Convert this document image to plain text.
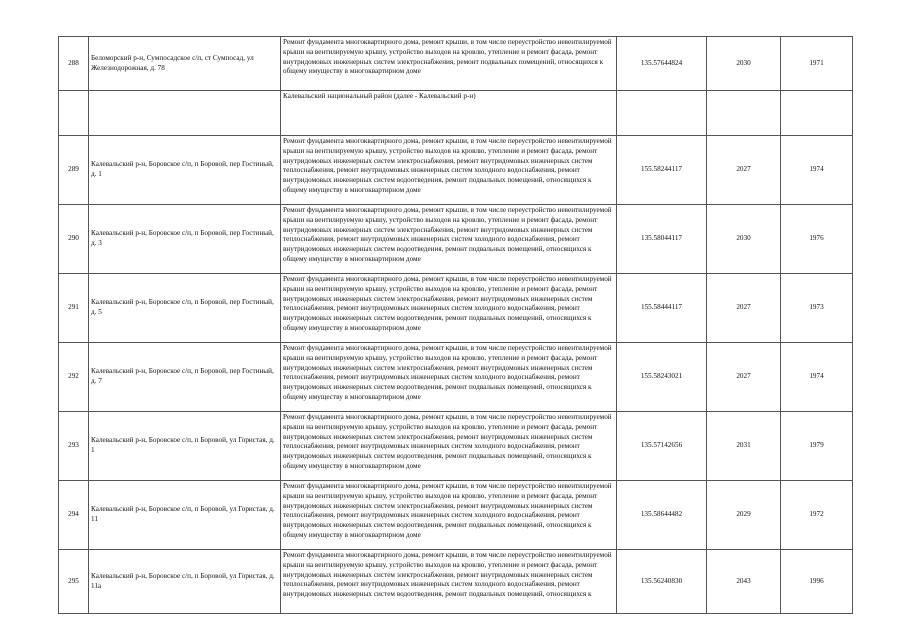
288	Беломорский р-н, Сумпосадское с/п, ст Сумпосад, ул Железнодорожная, д. 78	Ремонт фундамента многоквартирного дома, ремонт крыши, в том числе переустройство невентилируемой крыши на вентилируемую крышу, устройство выходов на кровлю, утепление и ремонт фасада, ремонт внутридомовых инженерных систем электроснабжения, ремонт подвальных помещений, относящихся к общему имуществу в многоквартирном доме	135.57644824	2030	1971

		Калевальский национальный район (далее - Калевальский р-н)			

289	Калевальский р-н, Боровское с/п, п Боровой, пер Гостиный, д. 1	Ремонт фундамента многоквартирного дома, ремонт крыши, в том числе переустройство невентилируемой крыши на вентилируемую крышу, устройство выходов на кровлю, утепление и ремонт фасада, ремонт внутридомовых инженерных систем электроснабжения, ремонт внутридомовых инженерных систем теплоснабжения, ремонт внутридомовых инженерных систем холодного водоснабжения, ремонт внутридомовых инженерных систем водоотведения, ремонт подвальных помещений, относящихся к общему имуществу в многоквартирном доме	155.58244117	2027	1974
290	Калевальский р-н, Боровское с/п, п Боровой, пер Гостиный, д. 3	Ремонт фундамента многоквартирного дома, ремонт крыши, в том числе переустройство невентилируемой крыши на вентилируемую крышу, устройство выходов на кровлю, утепление и ремонт фасада, ремонт внутридомовых инженерных систем электроснабжения, ремонт внутридомовых инженерных систем теплоснабжения, ремонт внутридомовых инженерных систем холодного водоснабжения, ремонт внутридомовых инженерных систем водоотведения, ремонт подвальных помещений, относящихся к общему имуществу в многоквартирном доме	135.58044117	2030	1976
291	Калевальский р-н, Боровское с/п, п Боровой, пер Гостиный, д. 5	Ремонт фундамента многоквартирного дома, ремонт крыши, в том числе переустройство невентилируемой крыши на вентилируемую крышу, устройство выходов на кровлю, утепление и ремонт фасада, ремонт внутридомовых инженерных систем электроснабжения, ремонт внутридомовых инженерных систем теплоснабжения, ремонт внутридомовых инженерных систем холодного водоснабжения, ремонт внутридомовых инженерных систем водоотведения, ремонт подвальных помещений, относящихся к общему имуществу в многоквартирном доме	155.58444117	2027	1973
292	Калевальский р-н, Боровское с/п, п Боровой, пер Гостиный, д. 7	Ремонт фундамента многоквартирного дома, ремонт крыши, в том числе переустройство невентилируемой крыши на вентилируемую крышу, устройство выходов на кровлю, утепление и ремонт фасада, ремонт внутридомовых инженерных систем электроснабжения, ремонт внутридомовых инженерных систем теплоснабжения, ремонт внутридомовых инженерных систем холодного водоснабжения, ремонт внутридомовых инженерных систем водоотведения, ремонт подвальных помещений, относящихся к общему имуществу в многоквартирном доме	155.58243021	2027	1974
293	Калевальский р-н, Боровское с/п, п Боровой, ул Гористая, д. 1	Ремонт фундамента многоквартирного дома, ремонт крыши, в том числе переустройство невентилируемой крыши на вентилируемую крышу, устройство выходов на кровлю, утепление и ремонт фасада, ремонт внутридомовых инженерных систем электроснабжения, ремонт внутридомовых инженерных систем теплоснабжения, ремонт внутридомовых инженерных систем холодного водоснабжения, ремонт внутридомовых инженерных систем водоотведения, ремонт подвальных помещений, относящихся к общему имуществу в многоквартирном доме	135.57142656	2031	1979
294	Калевальский р-н, Боровское с/п, п Боровой, ул Гористая, д. 11	Ремонт фундамента многоквартирного дома, ремонт крыши, в том числе переустройство невентилируемой крыши на вентилируемую крышу, устройство выходов на кровлю, утепление и ремонт фасада, ремонт внутридомовых инженерных систем электроснабжения, ремонт внутридомовых инженерных систем теплоснабжения, ремонт внутридомовых инженерных систем холодного водоснабжения, ремонт внутридомовых инженерных систем водоотведения, ремонт подвальных помещений, относящихся к общему имуществу в многоквартирном доме	135.58644482	2029	1972
295	Калевальский р-н, Боровское с/п, п Боровой, ул Гористая, д. 11а	Ремонт фундамента многоквартирного дома, ремонт крыши, в том числе переустройство невентилируемой крыши на вентилируемую крышу, устройство выходов на кровлю, утепление и ремонт фасада, ремонт внутридомовых инженерных систем электроснабжения, ремонт внутридомовых инженерных систем теплоснабжения, ремонт внутридомовых инженерных систем холодного водоснабжения, ремонт внутридомовых инженерных систем водоотведения, ремонт подвальных помещений, относящихся к	135.56240830	2043	1996
